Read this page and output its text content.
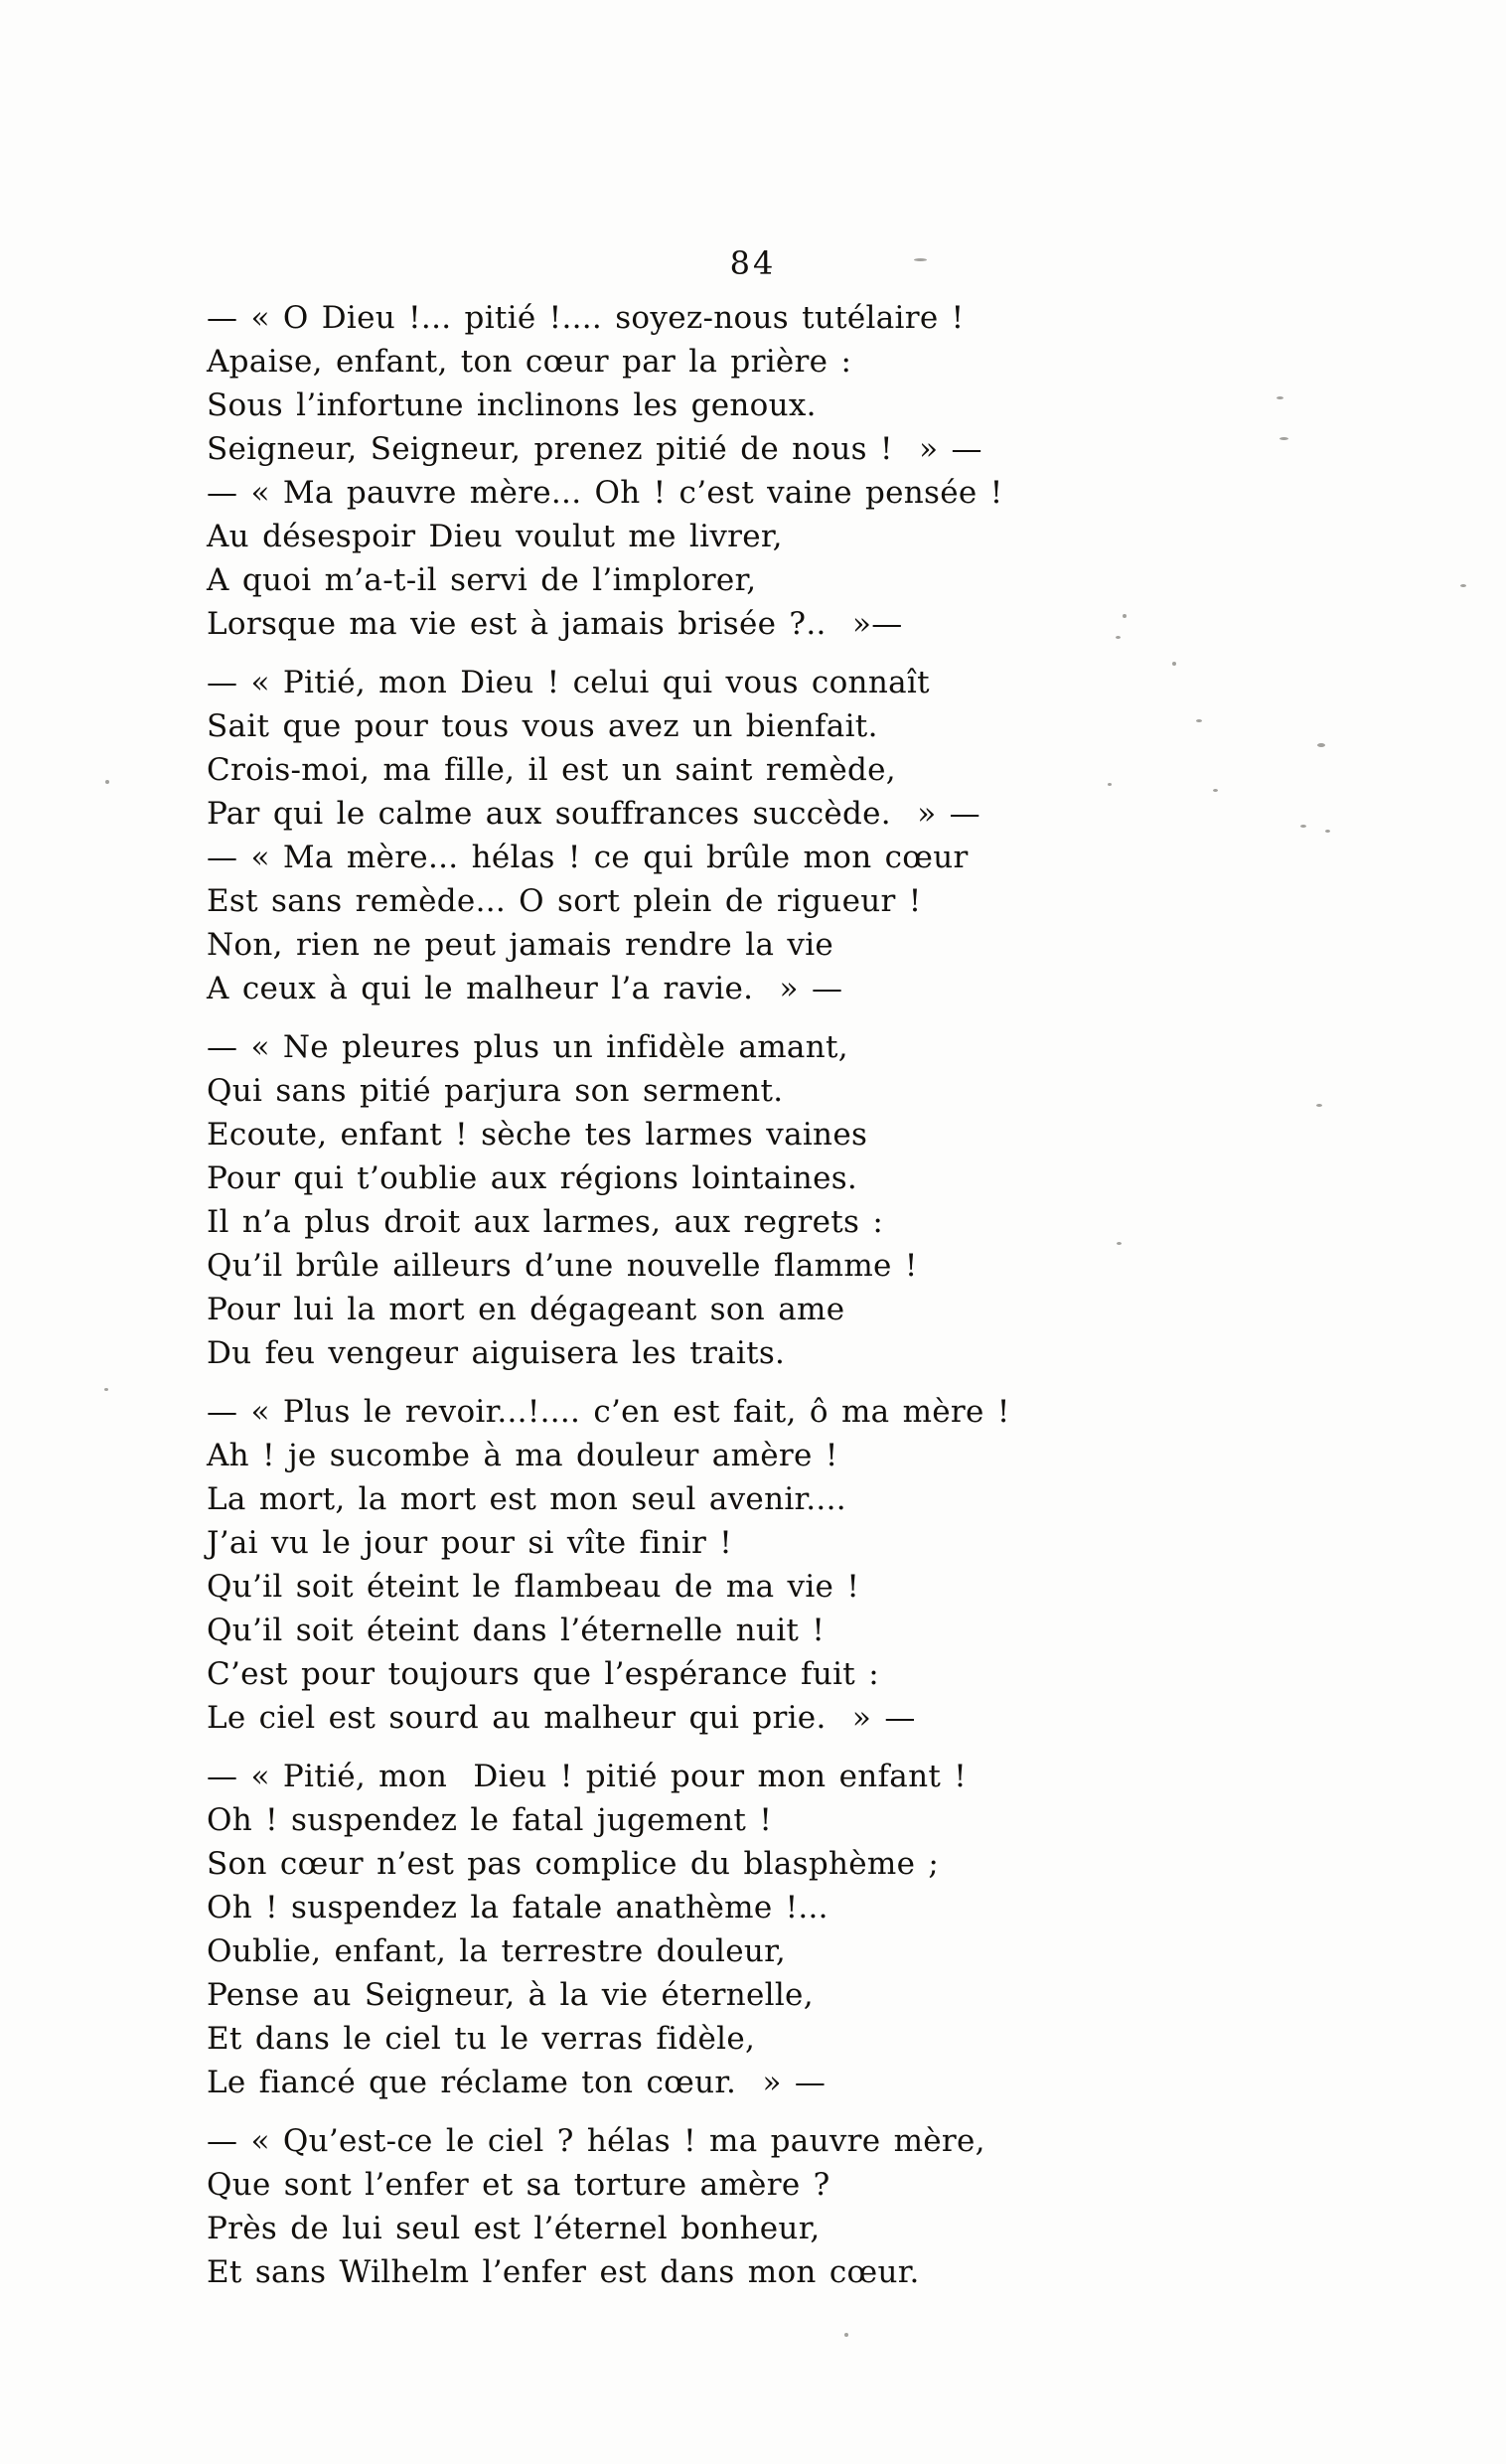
84
— « O Dieu !... pitié !.... soyez-nous tutélaire !
Apaise, enfant, ton cœur par la prière :
Sous l’infortune inclinons les genoux.
Seigneur, Seigneur, prenez pitié de nous !  » —
— « Ma pauvre mère... Oh ! c’est vaine pensée !
Au désespoir Dieu voulut me livrer,
A quoi m’a-t-il servi de l’implorer,
Lorsque ma vie est à jamais brisée ?..  »—
— « Pitié, mon Dieu ! celui qui vous connaît
Sait que pour tous vous avez un bienfait.
Crois-moi, ma fille, il est un saint remède,
Par qui le calme aux souffrances succède.  » —
— « Ma mère... hélas ! ce qui brûle mon cœur
Est sans remède... O sort plein de rigueur !
Non, rien ne peut jamais rendre la vie
A ceux à qui le malheur l’a ravie.  » —
— « Ne pleures plus un infidèle amant,
Qui sans pitié parjura son serment.
Ecoute, enfant ! sèche tes larmes vaines
Pour qui t’oublie aux régions lointaines.
Il n’a plus droit aux larmes, aux regrets :
Qu’il brûle ailleurs d’une nouvelle flamme !
Pour lui la mort en dégageant son ame
Du feu vengeur aiguisera les traits.
— « Plus le revoir...!.... c’en est fait, ô ma mère !
Ah ! je sucombe à ma douleur amère !
La mort, la mort est mon seul avenir....
J’ai vu le jour pour si vîte finir !
Qu’il soit éteint le flambeau de ma vie !
Qu’il soit éteint dans l’éternelle nuit !
C’est pour toujours que l’espérance fuit :
Le ciel est sourd au malheur qui prie.  » —
— « Pitié, mon  Dieu ! pitié pour mon enfant !
Oh ! suspendez le fatal jugement !
Son cœur n’est pas complice du blasphème ;
Oh ! suspendez la fatale anathème !...
Oublie, enfant, la terrestre douleur,
Pense au Seigneur, à la vie éternelle,
Et dans le ciel tu le verras fidèle,
Le fiancé que réclame ton cœur.  » —
— « Qu’est-ce le ciel ? hélas ! ma pauvre mère,
Que sont l’enfer et sa torture amère ?
Près de lui seul est l’éternel bonheur,
Et sans Wilhelm l’enfer est dans mon cœur.
